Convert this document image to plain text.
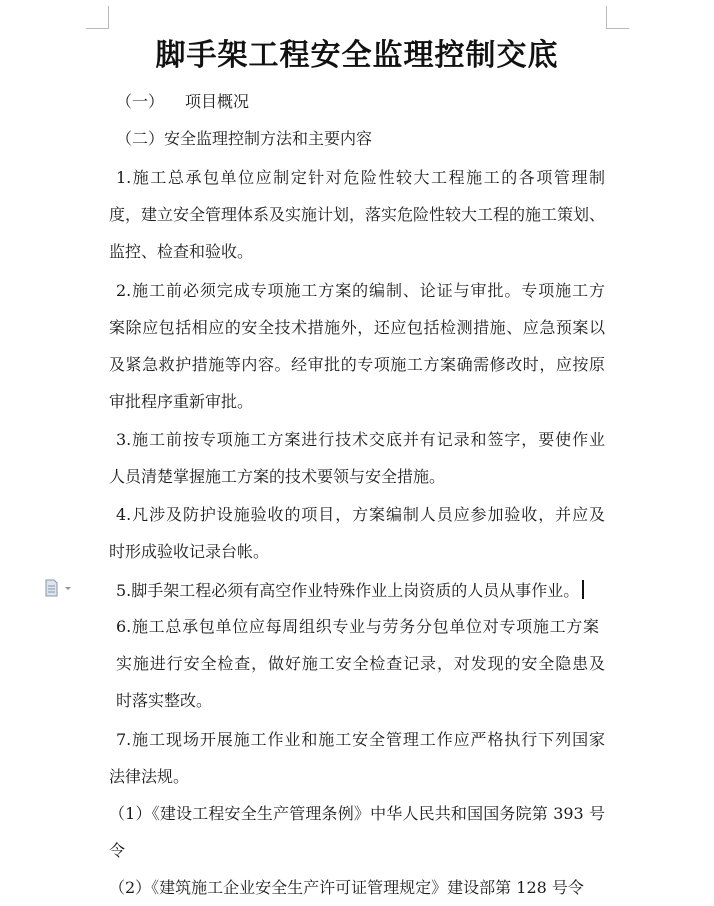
脚手架工程安全监理控制交底
（一） 项目概况
（二）安全监理控制方法和主要内容
1.施工总承包单位应制定针对危险性较大工程施工的各项管理制
度，建立安全管理体系及实施计划，落实危险性较大工程的施工策划、
监控、检查和验收。
2.施工前必须完成专项施工方案的编制、论证与审批。专项施工方
案除应包括相应的安全技术措施外，还应包括检测措施、应急预案以
及紧急救护措施等内容。经审批的专项施工方案确需修改时，应按原
审批程序重新审批。
3.施工前按专项施工方案进行技术交底并有记录和签字，要使作业
人员清楚掌握施工方案的技术要领与安全措施。
4.凡涉及防护设施验收的项目，方案编制人员应参加验收，并应及
时形成验收记录台帐。
5.脚手架工程必须有高空作业特殊作业上岗资质的人员从事作业。
6.施工总承包单位应每周组织专业与劳务分包单位对专项施工方案
实施进行安全检查，做好施工安全检查记录，对发现的安全隐患及
时落实整改。
7.施工现场开展施工作业和施工安全管理工作应严格执行下列国家
法律法规。
（1）《建设工程安全生产管理条例》中华人民共和国国务院第 393 号
令
（2）《建筑施工企业安全生产许可证管理规定》建设部第 128 号令
